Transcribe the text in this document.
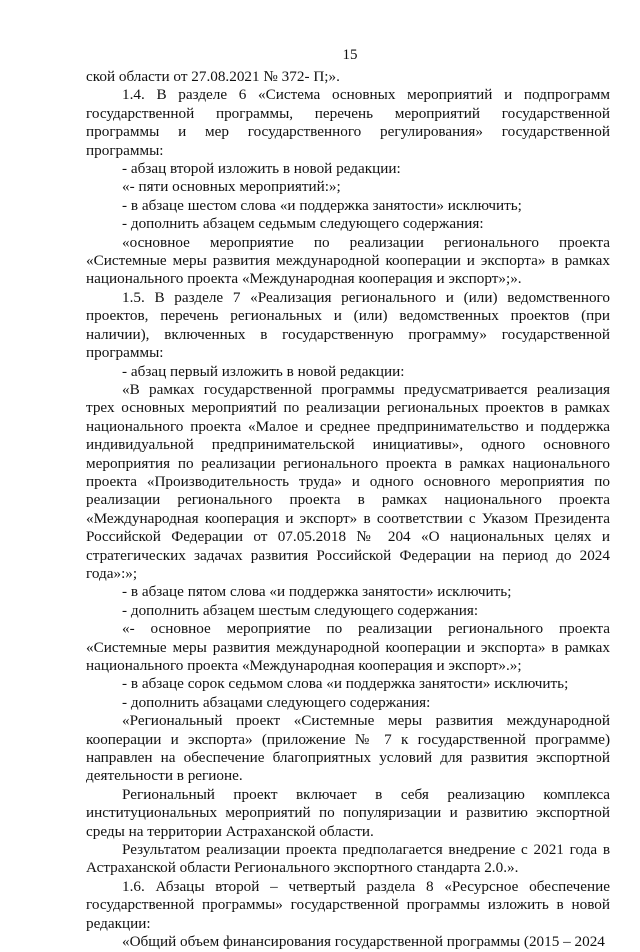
15

ской области от 27.08.2021 № 372- П;».

1.4. В разделе 6 «Система основных мероприятий и подпрограмм государственной программы, перечень мероприятий государственной программы и мер государственного регулирования» государственной программы:

- абзац второй изложить в новой редакции:

«- пяти основных мероприятий:»;

- в абзаце шестом слова «и поддержка занятости» исключить;

- дополнить абзацем седьмым следующего содержания:

«основное мероприятие по реализации регионального проекта «Системные меры развития международной кооперации и экспорта» в рамках национального проекта «Международная кооперация и экспорт»;».

1.5. В разделе 7 «Реализация регионального и (или) ведомственного проектов, перечень региональных и (или) ведомственных проектов (при наличии), включенных в государственную программу» государственной программы:

- абзац первый изложить в новой редакции:

«В рамках государственной программы предусматривается реализация трех основных мероприятий по реализации региональных проектов в рамках национального проекта «Малое и среднее предпринимательство и поддержка индивидуальной предпринимательской инициативы», одного основного мероприятия по реализации регионального проекта в рамках национального проекта «Производительность труда» и одного основного мероприятия по реализации регионального проекта в рамках национального проекта «Международная кооперация и экспорт» в соответствии с Указом Президента Российской Федерации от 07.05.2018 № 204 «О национальных целях и стратегических задачах развития Российской Федерации на период до 2024 года»:»;

- в абзаце пятом слова «и поддержка занятости» исключить;

- дополнить абзацем шестым следующего содержания:

«- основное мероприятие по реализации регионального проекта «Системные меры развития международной кооперации и экспорта» в рамках национального проекта «Международная кооперация и экспорт».»;

- в абзаце сорок седьмом слова «и поддержка занятости» исключить;

- дополнить абзацами следующего содержания:

«Региональный проект «Системные меры развития международной кооперации и экспорта» (приложение № 7 к государственной программе) направлен на обеспечение благоприятных условий для развития экспортной деятельности в регионе.

Региональный проект включает в себя реализацию комплекса институциональных мероприятий по популяризации и развитию экспортной среды на территории Астраханской области.

Результатом реализации проекта предполагается внедрение с 2021 года в Астраханской области Регионального экспортного стандарта 2.0.».

1.6. Абзацы второй – четвертый раздела 8 «Ресурсное обеспечение государственной программы» государственной программы изложить в новой редакции:

«Общий объем финансирования государственной программы (2015 – 2024
